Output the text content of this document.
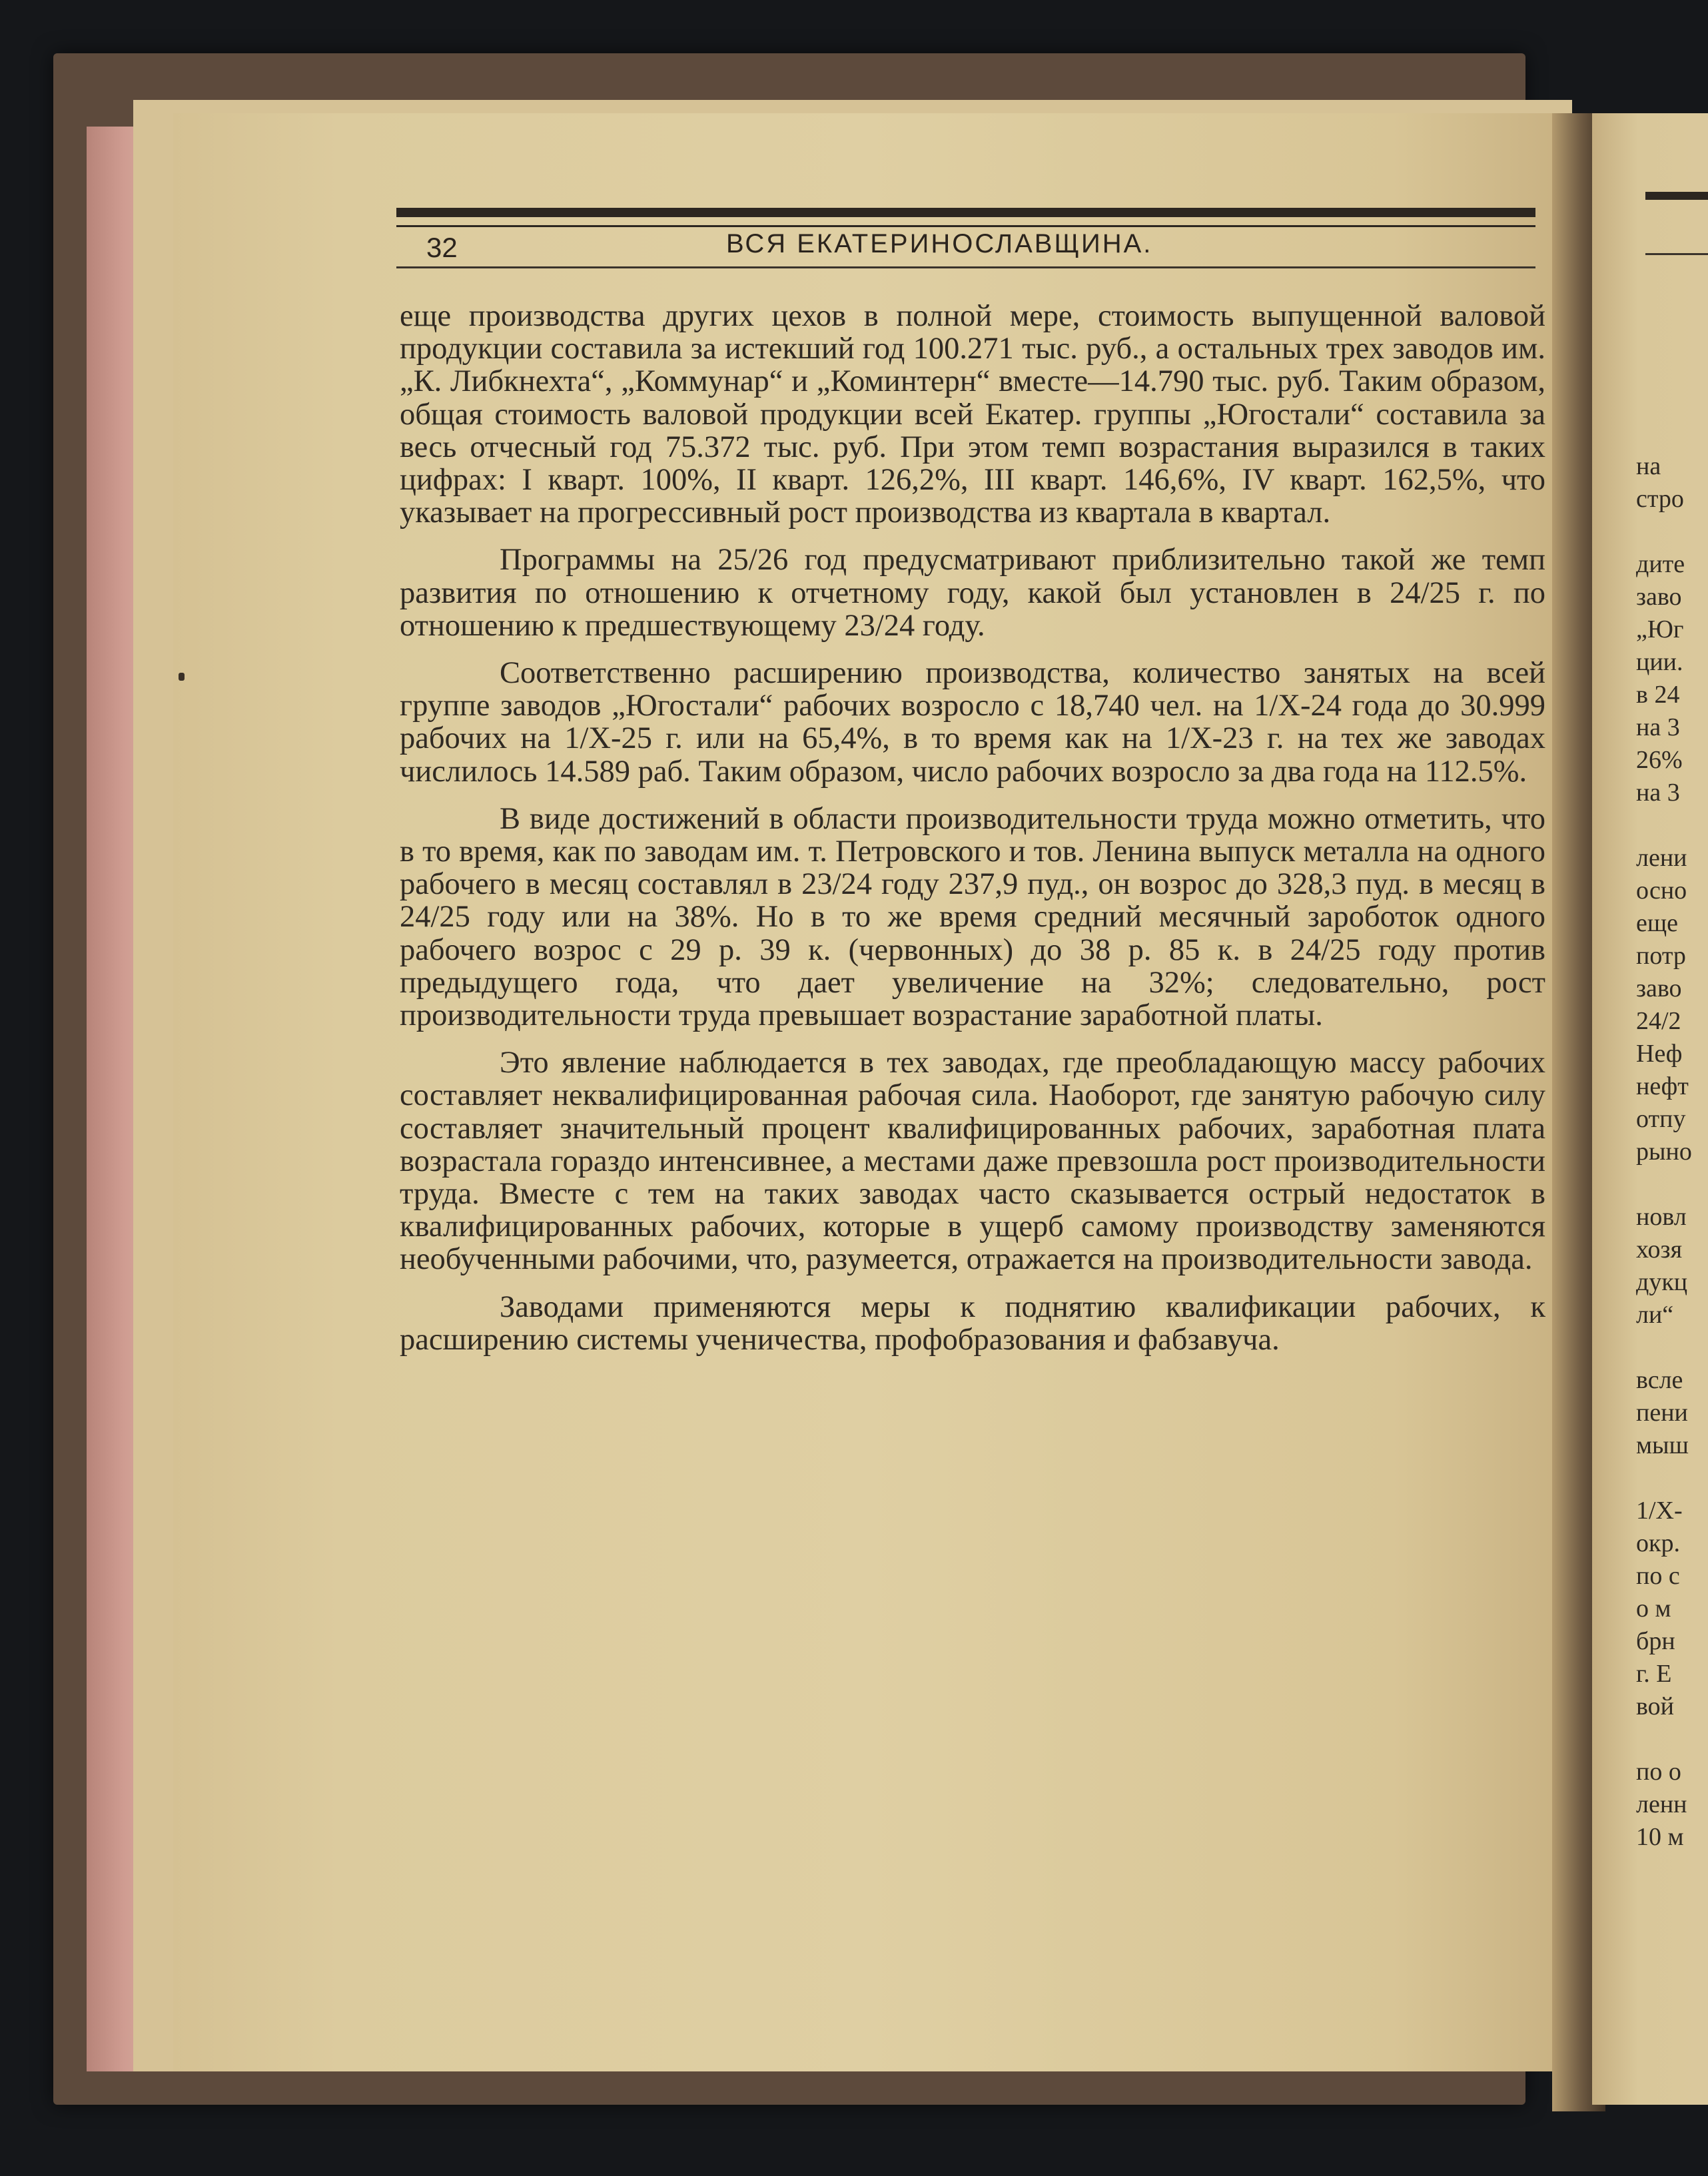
на
стро

дите
заво
„Юг
ции.
в 24
на 3
26%
на 3

лени
осно
еще
потр
заво
24/2
Неф
нефт
отпу
рыно

новл
хозя
дукц
ли“

всле
пени
мыш

1/Х-
окр.
по с
о м
брн
г. Е
вой

по о
ленн
10 м
32	ВСЯ ЕКАТЕРИНОСЛАВЩИНА.

еще производства других цехов в полной мере, стоимость выпущенной валовой продукции составила за истекший год 100.271 тыс. руб., а остальных трех заводов им. „К. Либкнехта“, „Коммунар“ и „Коминтерн“ вместе—14.790 тыс. руб. Таким образом, общая стоимость валовой продукции всей Екатер. группы „Югостали“ составила за весь отчесный год 75.372 тыс. руб. При этом темп возрастания выразился в таких цифрах: I кварт. 100%, II кварт. 126,2%, III кварт. 146,6%, IV кварт. 162,5%, что указывает на прогрессивный рост производства из квартала в квартал.

Программы на 25/26 год предусматривают приблизительно такой же темп развития по отношению к отчетному году, какой был установлен в 24/25 г. по отношению к предшествующему 23/24 году.

Соответственно расширению производства, количество занятых на всей группе заводов „Югостали“ рабочих возросло с 18,740 чел. на 1/Х-24 года до 30.999 рабочих на 1/Х-25 г. или на 65,4%, в то время как на 1/Х-23 г. на тех же заводах числилось 14.589 раб. Таким образом, число рабочих возросло за два года на 112.5%.

В виде достижений в области производительности труда можно отметить, что в то время, как по заводам им. т. Петровского и тов. Ленина выпуск металла на одного рабочего в месяц составлял в 23/24 году 237,9 пуд., он возрос до 328,3 пуд. в месяц в 24/25 году или на 38%. Но в то же время средний месячный зароботок одного рабочего возрос с 29 р. 39 к. (червонных) до 38 р. 85 к. в 24/25 году против предыдущего года, что дает увеличение на 32%; следовательно, рост производительности труда превышает возрастание заработной платы.

Это явление наблюдается в тех заводах, где преобладающую массу рабочих составляет неквалифицированная рабочая сила. Наоборот, где занятую рабочую силу составляет значительный процент квалифицированных рабочих, заработная плата возрастала гораздо интенсивнее, а местами даже превзошла рост производительности труда. Вместе с тем на таких заводах часто сказывается острый недостаток в квалифицированных рабочих, которые в ущерб самому производству заменяются необученными рабочими, что, разумеется, отражается на производительности завода.

Заводами применяются меры к поднятию квалификации рабочих, к расширению системы ученичества, профобразования и фабзавуча.
